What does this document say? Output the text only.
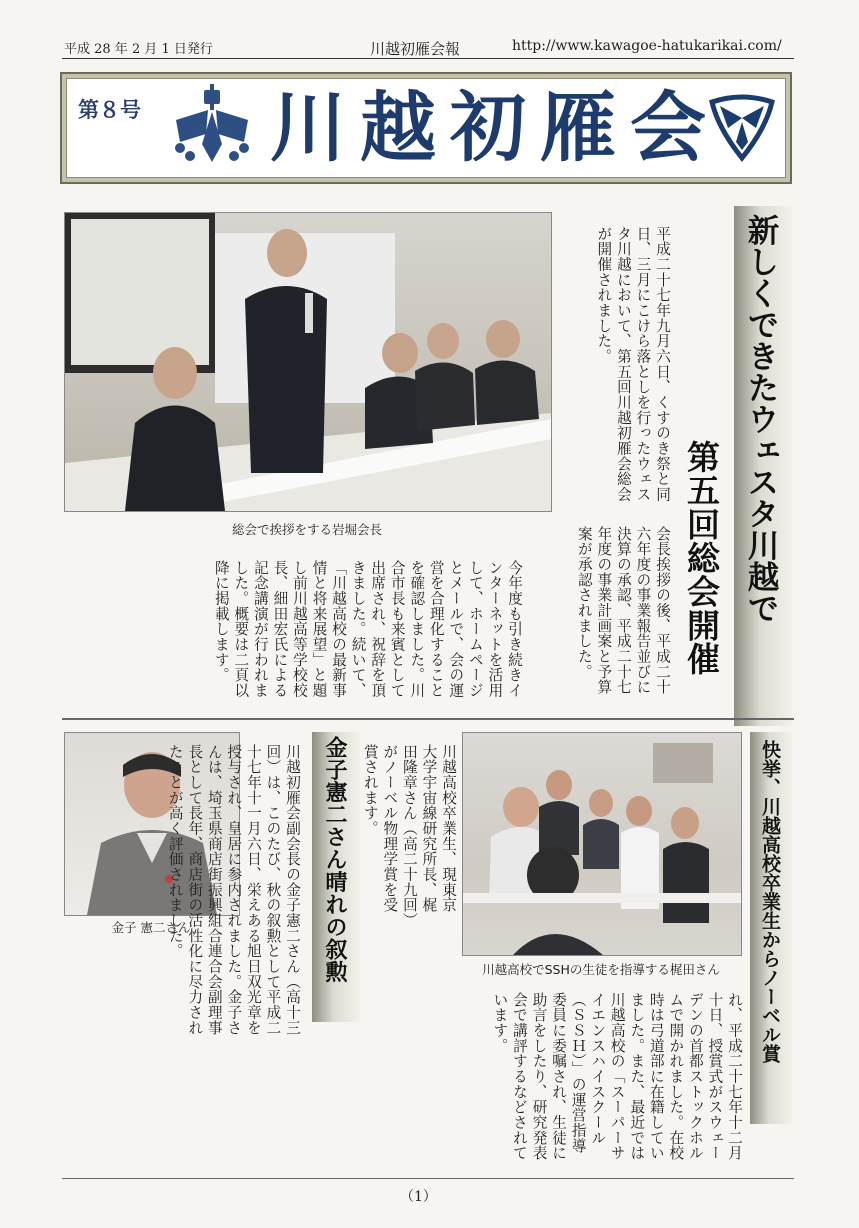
平成 28 年 2 月 1 日発行	川越初雁会報	http://www.kawagoe-hatukarikai.com/
第８号 川越初雁会
総会で挨拶をする岩堀会長	新しくできたウェスタ川越で
第五回総会開催
平成二十七年九月六日、くすのき祭と同日、三月にこけら落としを行ったウェスタ川越において、第五回川越初雁会総会が開催されました。
会長挨拶の後、平成二十六年度の事業報告並びに決算の承認、平成二十七年度の事業計画案と予算案が承認されました。
今年度も引き続きインターネットを活用して、ホームページとメールで、会の運営を合理化することを確認しました。川合市長も来賓として出席され、祝辞を頂きました。続いて、「川越高校の最新事情と将来展望」と題し前川越高等学校校長、細田宏氏による記念講演が行われました。概要は二頁以降に掲載します。
金子 憲二さん	金子憲二さん晴れの叙勲
川越初雁会副会長の金子憲二さん（高十三回）は、このたび、秋の叙勲として平成二十七年十一月六日、栄えある旭日双光章を授与され、皇居に参内されました。金子さんは、埼玉県商店街振興組合連合会副理事長として長年、商店街の活性化に尽力されたことが高く評価されました。
川越高校でSSHの生徒を指導する梶田さん	快挙、川越高校卒業生からノーベル賞
川越高校卒業生、現東京大学宇宙線研究所長、梶田隆章さん（高二十九回）がノーベル物理学賞を受賞されます。
れ、平成二十七年十二月十日、授賞式がスウェーデンの首都ストックホルムで開かれました。在校時は弓道部に在籍していました。また、最近では川越高校の「スーパーサイエンスハイスクール（ＳＳＨ）」の運営指導委員に委嘱され、生徒に助言をしたり、研究発表会で講評するなどされています。
（1）
